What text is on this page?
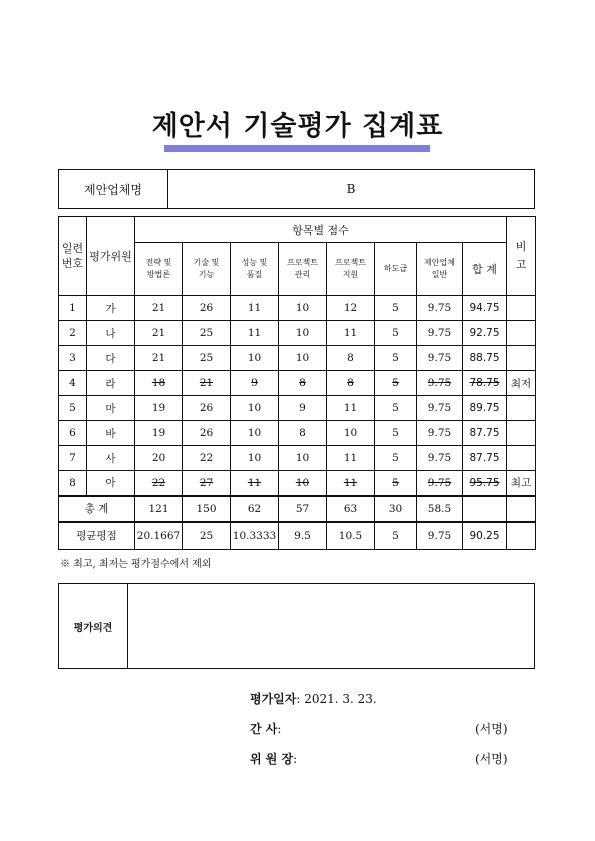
제안서 기술평가 집계표
제안업체명	B
일련번호	평가위원	항목별 점수								비고
		전략 및 방법론	기술 및 기능	성능 및 품질	프로젝트 관리	프로젝트 지원	하도급	제안업체 일반	합 계	
1	가	21	26	11	10	12	5	9.75	94.75	
2	나	21	25	11	10	11	5	9.75	92.75	
3	다	21	25	10	10	8	5	9.75	88.75	
4	라	18	21	9	8	8	5	9.75	78.75	최저
5	마	19	26	10	9	11	5	9.75	89.75	
6	바	19	26	10	8	10	5	9.75	87.75	
7	사	20	22	10	10	11	5	9.75	87.75	
8	아	22	27	11	10	11	5	9.75	95.75	최고
총 계		121	150	62	57	63	30	58.5		
평균평점		20.1667	25	10.3333	9.5	10.5	5	9.75	90.25	
※ 최고, 최저는 평가점수에서 제외
평가의견
평가일자: 2021. 3. 23.
간 사:	(서명)
위 원 장:	(서명)
